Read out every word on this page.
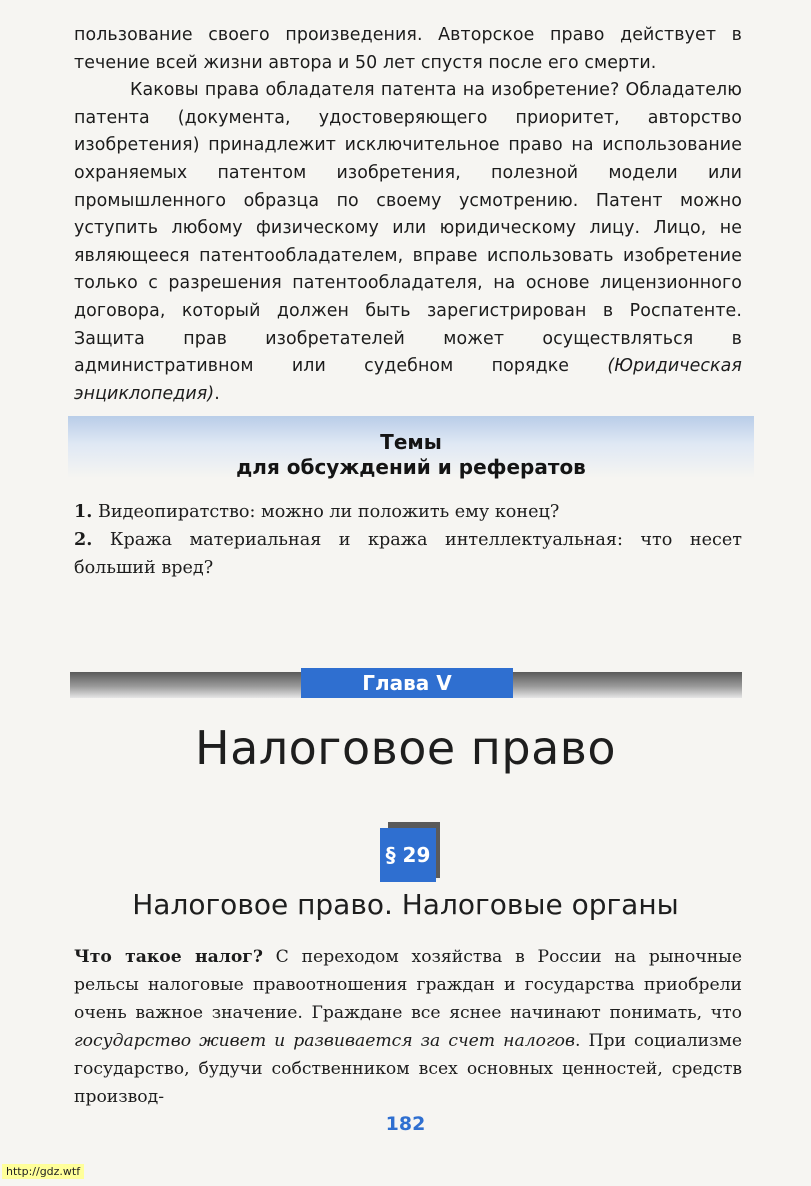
пользование своего произведения. Авторское право действует в течение всей жизни автора и 50 лет спустя после его смерти.
Каковы права обладателя патента на изобретение? Обладателю патента (документа, удостоверяющего приоритет, авторство изобретения) принадлежит исключительное право на использование охраняемых патентом изобретения, полезной модели или промышленного образца по своему усмотрению. Патент можно уступить любому физическому или юридическому лицу. Лицо, не являющееся патентообладателем, вправе использовать изобретение только с разрешения патентообладателя, на основе лицензионного договора, который должен быть зарегистрирован в Роспатенте. Защита прав изобретателей может осуществляться в административном или судебном порядке (Юридическая энциклопедия).

Темы
для обсуждений и рефератов
1. Видеопиратство: можно ли положить ему конец?
2. Кража материальная и кража интеллектуальная: что несет больший вред?
Глава V
Налоговое право
§ 29
Налоговое право. Налоговые органы

Что такое налог? С переходом хозяйства в России на рыночные рельсы налоговые правоотношения граждан и государства приобрели очень важное значение. Граждане все яснее начинают понимать, что государство живет и развивается за счет налогов. При социализме государство, будучи собственником всех основных ценностей, средств производ-

182
http://gdz.wtf
